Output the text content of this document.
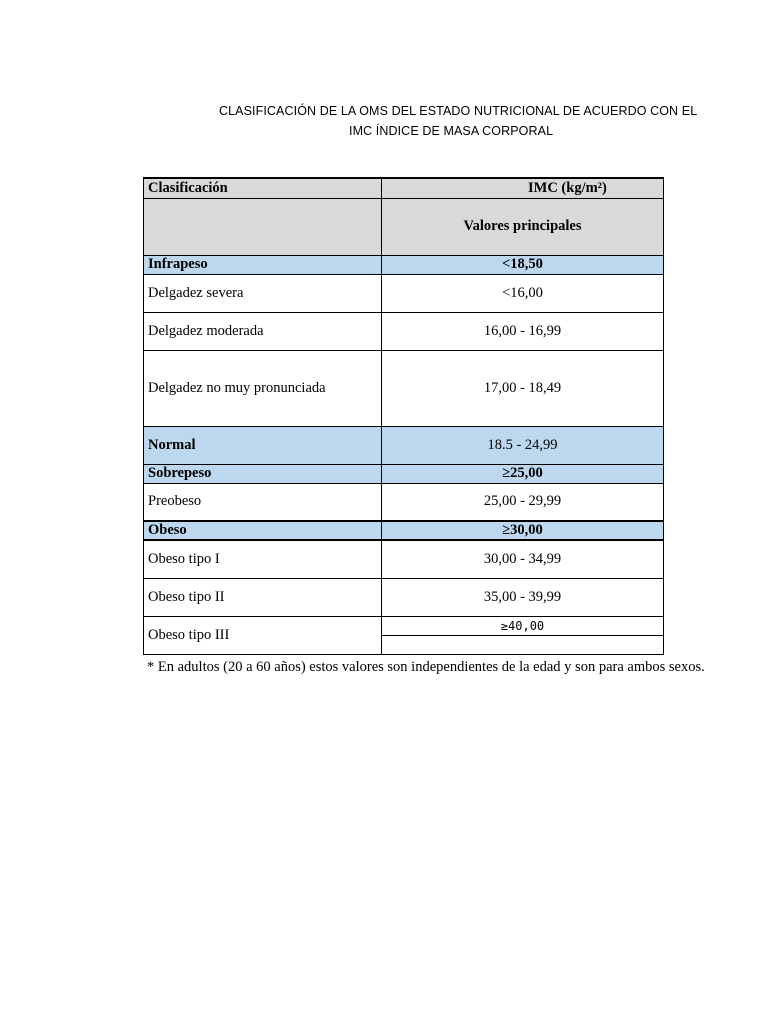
CLASIFICACIÓN DE LA OMS DEL ESTADO NUTRICIONAL DE ACUERDO CON EL
IMC ÍNDICE DE MASA CORPORAL
Clasificación	IMC (kg/m²)
	Valores principales
Infrapeso	<18,50
Delgadez severa	<16,00
Delgadez moderada	16,00 - 16,99
Delgadez no muy pronunciada	17,00 - 18,49
Normal	18.5 - 24,99
Sobrepeso	≥25,00
Preobeso	25,00 - 29,99
Obeso	≥30,00
Obeso tipo I	30,00 - 34,99
Obeso tipo II	35,00 - 39,99
Obeso tipo III	≥40,00
* En adultos (20 a 60 años) estos valores son independientes de la edad y son para ambos sexos.
